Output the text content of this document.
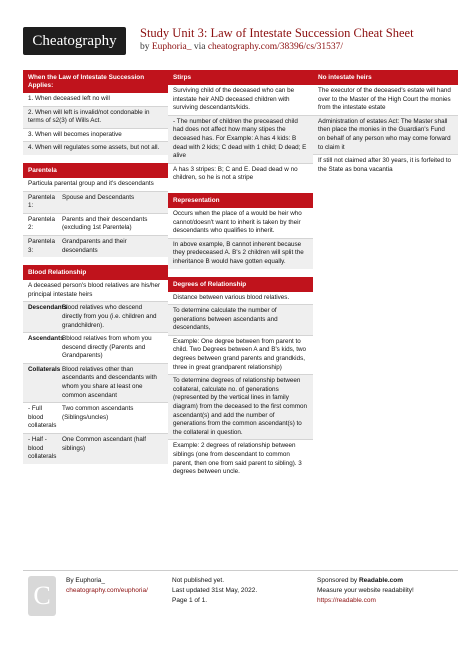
Cheatography	Study Unit 3: Law of Intestate Succession Cheat Sheet
by Euphoria_ via cheatography.com/38396/cs/31537/
When the Law of Intestate Succession Applies:
1. When deceased left no will
2. When will left is invalid/not condonable in terms of s2(3) of Wills Act.
3. When will becomes inoperative
4. When will regulates some assets, but not all.
Parentela
Particula parental group and it's descendants
Parentela 1:
Spouse and Descendants
Parentela 2:
Parents and their descendants (excluding 1st Parentela)
Parentela 3:
Grandparents and their descendants
Blood Relationship
A deceased person's blood relatives are his/her principal intestate heirs
Descendants
Blood relatives who descend directly from you (i.e. children and grandchildren).
Ascendants
Bblood relatives from whom you descend directly (Parents and Grandparents)
Collaterals Blood relatives other than ascendants and descendants with whom you share at least one common ascendant
- Full blood collaterals
Two common ascendants (Siblings/uncles)
- Half - blood collaterals
One Common ascendant (half siblings)
Stirps
Surviving child of the deceased who can be intestate heir AND deceased children with surviving descendants/kids.
- The number of children the preceased child had does not affect how many stipes the deceased has. For Example: A has 4 kids: B dead with 2 kids; C dead with 1 child; D dead; E alive
A has 3 stripes: B; C and E. Dead dead w no children, so he is not a stripe
Representation
Occurs when the place of a would be heir who cannot/doesn't want to inherit is taken by their descendants who qualifies to inherit.
In above example, B cannot inherent because they predeceased A. B's 2 children will split the inheritance B would have gotten equally.
Degrees of Relationship
Distance between various blood relatives.
To determine calculate the number of generations between ascendants and descendants,
Example: One degree between from parent to child. Two Degrees between A and B's kids, two degrees between grand parents and grandkids, three in great grandparent relationship)
To determine degrees of relationship between collateral, calculate no. of generations (represented by the vertical lines in family diagram) from the deceased to the first common ascendant(s) and add the number of generations from the common ascendant(s) to the collateral in question.
Example: 2 degrees of relationship between siblings (one from descendant to common parent, then one from said parent to sibling). 3 degrees between uncle.
No intestate heirs
The executor of the deceased's estate will hand over to the Master of the High Court the monies from the intestate estate
Administration of estates Act: The Master shall then place the monies in the Guardian's Fund on behalf of any person who may come forward to claim it
If still not claimed after 30 years, it is forfeited to the State as bona vacantia
C
By Euphoria_
cheatography.com/euphoria/
Not published yet.
Last updated 31st May, 2022.
Page 1 of 1.
Sponsored by Readable.com
Measure your website readability!
https://readable.com
